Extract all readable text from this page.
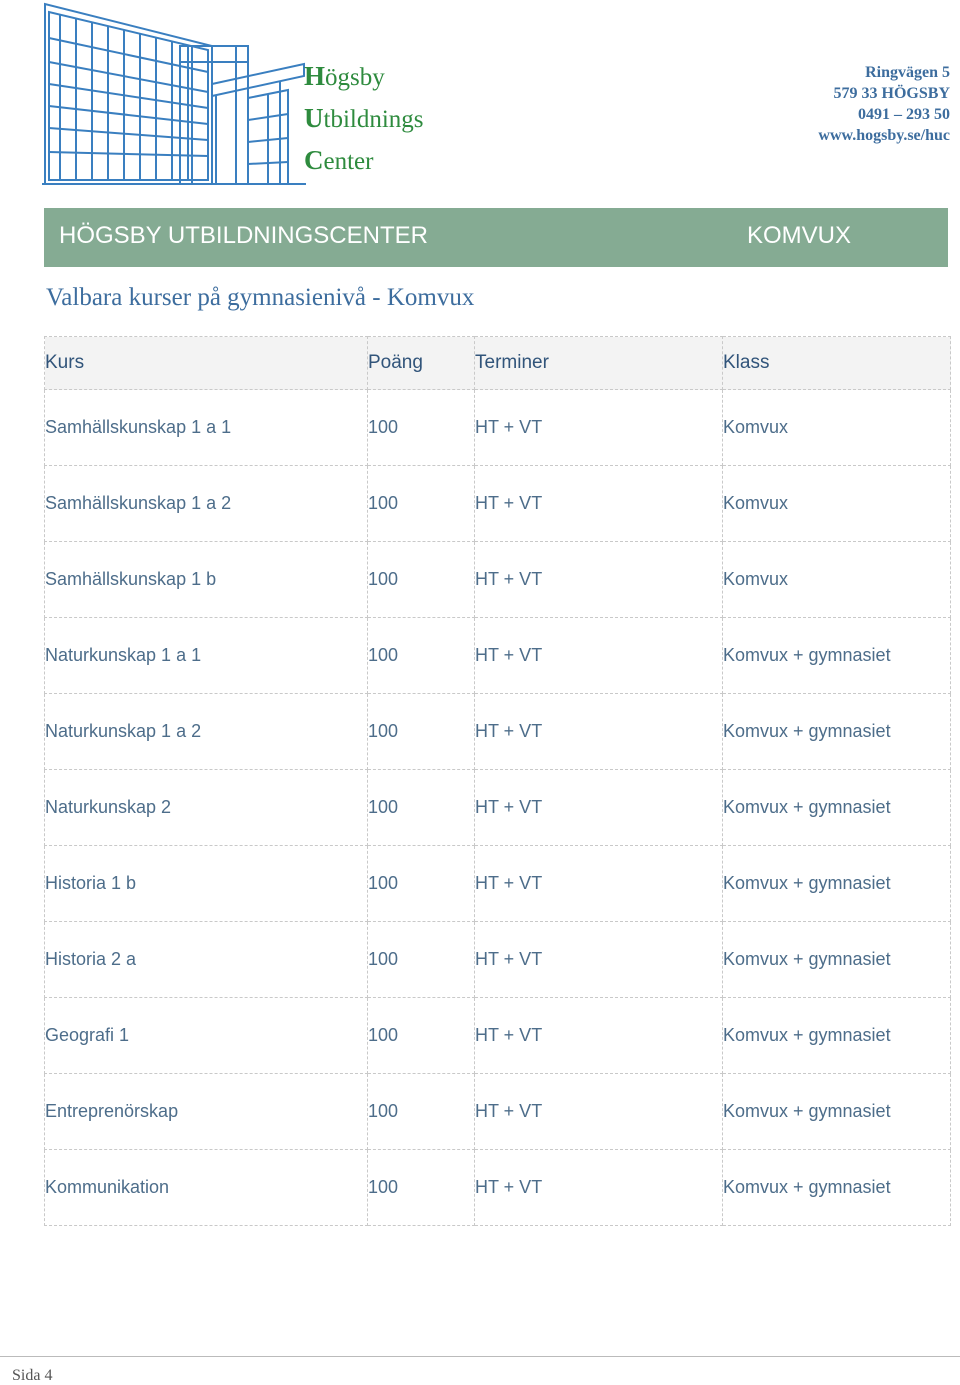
Högsby
Utbildnings
Center
Ringvägen 5
579 33 HÖGSBY
0491 – 293 50
www.hogsby.se/huc
HÖGSBY UTBILDNINGSCENTER	KOMVUX
Valbara kurser på gymnasienivå - Komvux
Kurs	Poäng	Terminer	Klass
Samhällskunskap 1 a 1	100	HT + VT	Komvux
Samhällskunskap 1 a 2	100	HT + VT	Komvux
Samhällskunskap 1 b	100	HT + VT	Komvux
Naturkunskap 1 a 1	100	HT + VT	Komvux + gymnasiet
Naturkunskap 1 a 2	100	HT + VT	Komvux + gymnasiet
Naturkunskap 2	100	HT + VT	Komvux + gymnasiet
Historia 1 b	100	HT + VT	Komvux + gymnasiet
Historia 2 a	100	HT + VT	Komvux + gymnasiet
Geografi 1	100	HT + VT	Komvux + gymnasiet
Entreprenörskap	100	HT + VT	Komvux + gymnasiet
Kommunikation	100	HT + VT	Komvux + gymnasiet
Sida 4
